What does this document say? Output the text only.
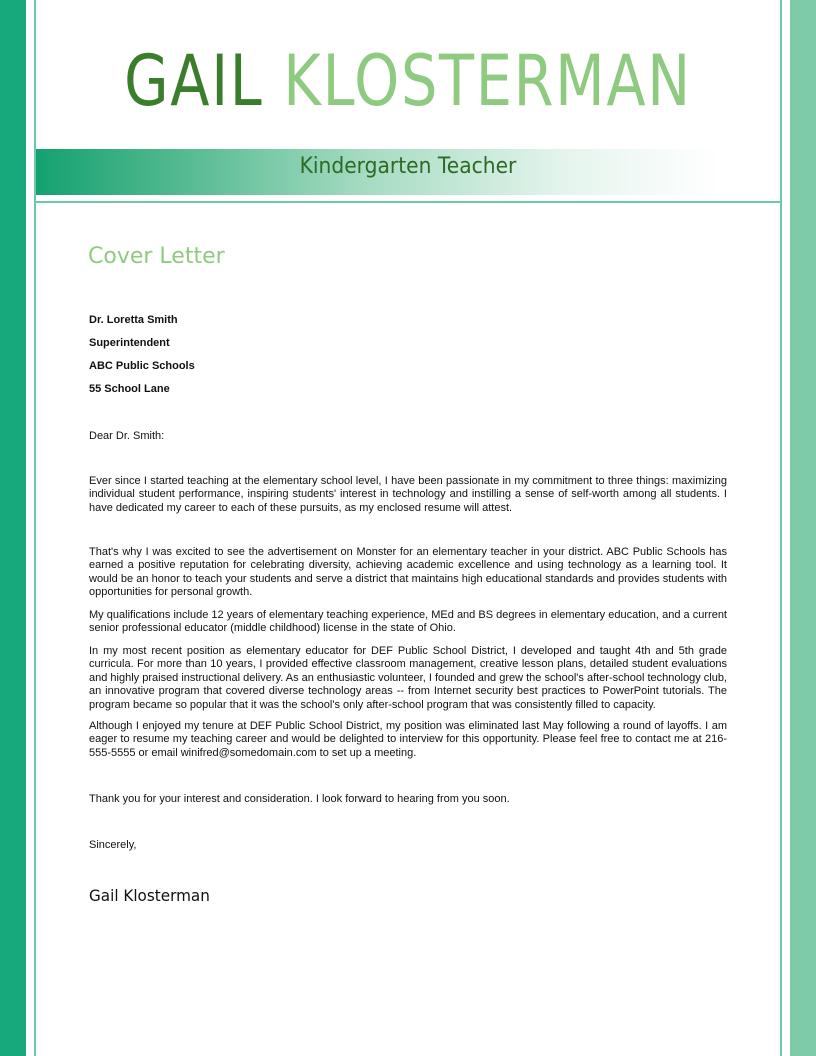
GAIL KLOSTERMAN
Kindergarten Teacher
Cover Letter
Dr. Loretta Smith
Superintendent
ABC Public Schools
55 School Lane
Dear Dr. Smith:
Ever since I started teaching at the elementary school level, I have been passionate in my commitment to three things: maximizing individual student performance, inspiring students' interest in technology and instilling a sense of self-worth among all students. I have dedicated my career to each of these pursuits, as my enclosed resume will attest.
That's why I was excited to see the advertisement on Monster for an elementary teacher in your district. ABC Public Schools has earned a positive reputation for celebrating diversity, achieving academic excellence and using technology as a learning tool. It would be an honor to teach your students and serve a district that maintains high educational standards and provides students with opportunities for personal growth.
My qualifications include 12 years of elementary teaching experience, MEd and BS degrees in elementary education, and a current senior professional educator (middle childhood) license in the state of Ohio.
In my most recent position as elementary educator for DEF Public School District, I developed and taught 4th and 5th grade curricula. For more than 10 years, I provided effective classroom management, creative lesson plans, detailed student evaluations and highly praised instructional delivery. As an enthusiastic volunteer, I founded and grew the school's after-school technology club, an innovative program that covered diverse technology areas -- from Internet security best practices to PowerPoint tutorials. The program became so popular that it was the school's only after-school program that was consistently filled to capacity.
Although I enjoyed my tenure at DEF Public School District, my position was eliminated last May following a round of layoffs. I am eager to resume my teaching career and would be delighted to interview for this opportunity. Please feel free to contact me at 216-555-5555 or email winifred@somedomain.com to set up a meeting.
Thank you for your interest and consideration. I look forward to hearing from you soon.
Sincerely,
Gail Klosterman
